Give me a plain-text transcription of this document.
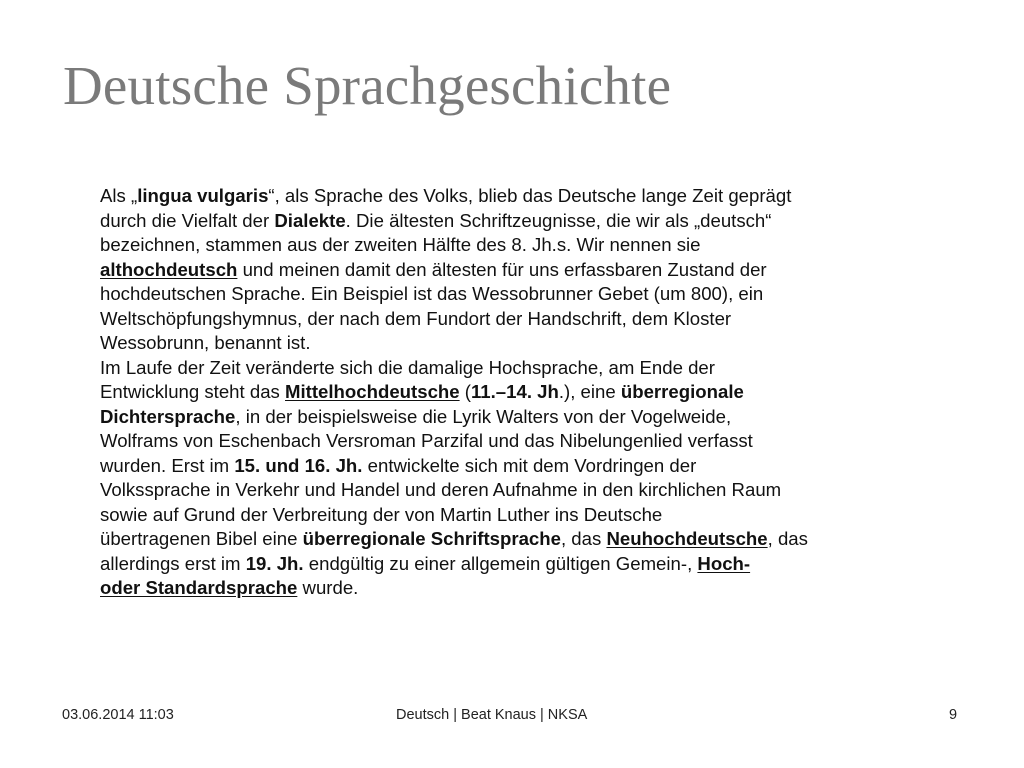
Deutsche Sprachgeschichte
Als „lingua vulgaris“, als Sprache des Volks, blieb das Deutsche lange Zeit geprägt
durch die Vielfalt der Dialekte. Die ältesten Schriftzeugnisse, die wir als „deutsch“
bezeichnen, stammen aus der zweiten Hälfte des 8. Jh.s. Wir nennen sie
althochdeutsch und meinen damit den ältesten für uns erfassbaren Zustand der
hochdeutschen Sprache. Ein Beispiel ist das Wessobrunner Gebet (um 800), ein
Weltschöpfungshymnus, der nach dem Fundort der Handschrift, dem Kloster
Wessobrunn, benannt ist.
Im Laufe der Zeit veränderte sich die damalige Hochsprache, am Ende der
Entwicklung steht das Mittelhochdeutsche (11.–14. Jh.), eine überregionale
Dichtersprache, in der beispielsweise die Lyrik Walters von der Vogelweide,
Wolframs von Eschenbach Versroman Parzifal und das Nibelungenlied verfasst
wurden. Erst im 15. und 16. Jh. entwickelte sich mit dem Vordringen der
Volkssprache in Verkehr und Handel und deren Aufnahme in den kirchlichen Raum
sowie auf Grund der Verbreitung der von Martin Luther ins Deutsche
übertragenen Bibel eine überregionale Schriftsprache, das Neuhochdeutsche, das
allerdings erst im 19. Jh. endgültig zu einer allgemein gültigen Gemein-, Hoch-
oder Standardsprache wurde.
03.06.2014 11:03	Deutsch | Beat Knaus | NKSA	9
